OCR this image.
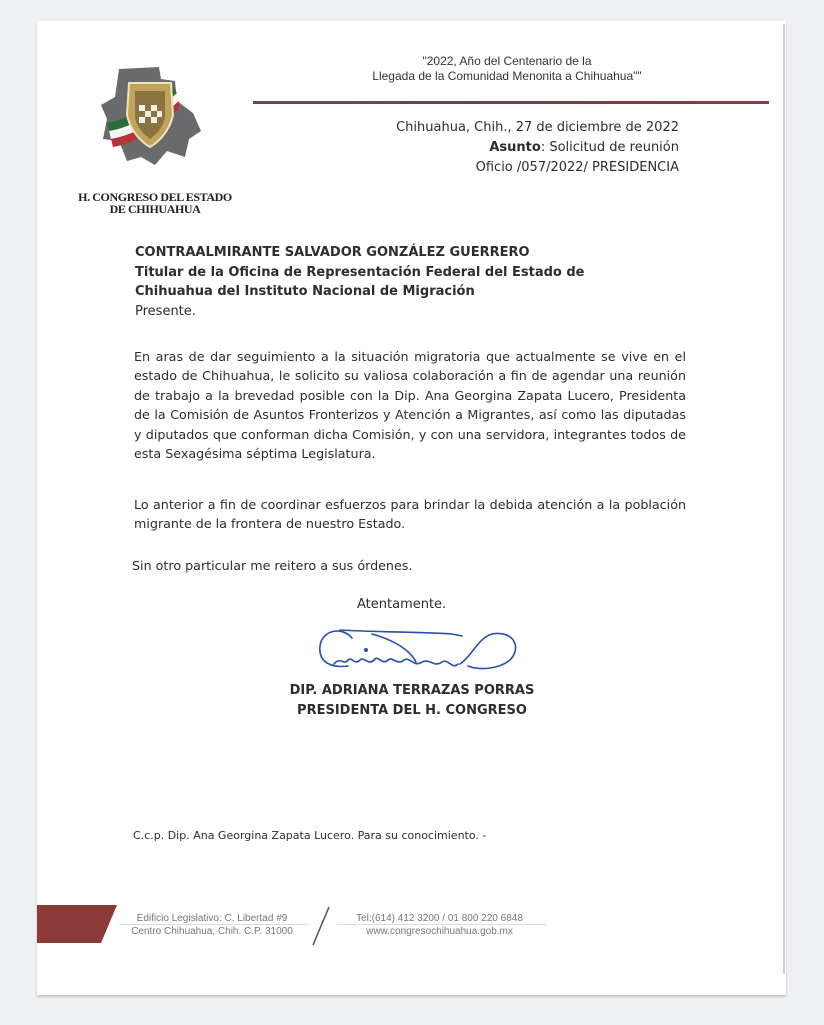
H. CONGRESO DEL ESTADO
DE CHIHUAHUA
"2022, Año del Centenario de la
Llegada de la Comunidad Menonita a Chihuahua""
Chihuahua, Chih., 27 de diciembre de 2022
Asunto: Solicitud de reunión
Oficio /057/2022/ PRESIDENCIA
CONTRAALMIRANTE SALVADOR GONZÁLEZ GUERRERO
Titular de la Oficina de Representación Federal del Estado de
Chihuahua del Instituto Nacional de Migración
Presente.
En aras de dar seguimiento a la situación migratoria que actualmente se vive en el estado de Chihuahua, le solicito su valiosa colaboración a fin de agendar una reunión de trabajo a la brevedad posible con la Dip. Ana Georgina Zapata Lucero, Presidenta de la Comisión de Asuntos Fronterizos y Atención a Migrantes, así como las diputadas y diputados que conforman dicha Comisión, y con una servidora, integrantes todos de esta Sexagésima séptima Legislatura.
Lo anterior a fin de coordinar esfuerzos para brindar la debida atención a la población migrante de la frontera de nuestro Estado.
Sin otro particular me reitero a sus órdenes.
Atentamente.
DIP. ADRIANA TERRAZAS PORRAS
PRESIDENTA DEL H. CONGRESO
C.c.p. Dip. Ana Georgina Zapata Lucero. Para su conocimiento. -
Edificio Legislativo: C. Libertad #9
Centro Chihuahua, Chih. C.P. 31000
Tel:(614) 412 3200 / 01 800 220 6848
www.congresochihuahua.gob.mx
